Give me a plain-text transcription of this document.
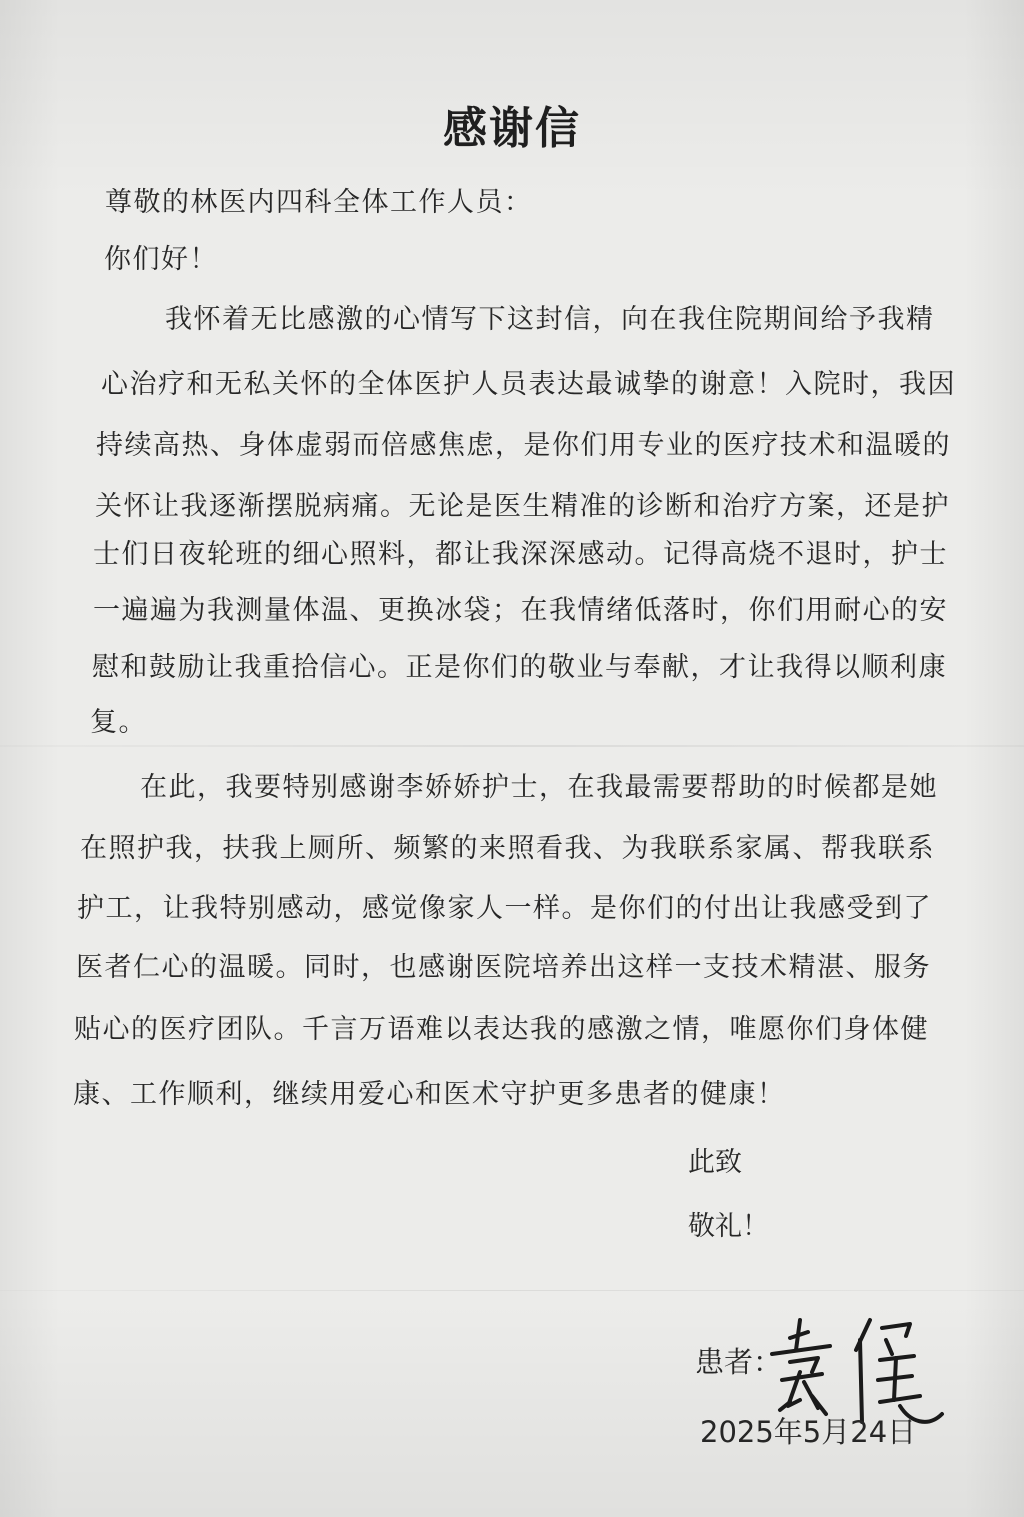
感谢信
尊敬的林医内四科全体工作人员：
你们好！
我怀着无比感激的心情写下这封信，向在我住院期间给予我精
心治疗和无私关怀的全体医护人员表达最诚挚的谢意！入院时，我因
持续高热、身体虚弱而倍感焦虑，是你们用专业的医疗技术和温暖的
关怀让我逐渐摆脱病痛。无论是医生精准的诊断和治疗方案，还是护
士们日夜轮班的细心照料，都让我深深感动。记得高烧不退时，护士
一遍遍为我测量体温、更换冰袋；在我情绪低落时，你们用耐心的安
慰和鼓励让我重拾信心。正是你们的敬业与奉献，才让我得以顺利康
复。
在此，我要特别感谢李娇娇护士，在我最需要帮助的时候都是她
在照护我，扶我上厕所、频繁的来照看我、为我联系家属、帮我联系
护工，让我特别感动，感觉像家人一样。是你们的付出让我感受到了
医者仁心的温暖。同时，也感谢医院培养出这样一支技术精湛、服务
贴心的医疗团队。千言万语难以表达我的感激之情，唯愿你们身体健
康、工作顺利，继续用爱心和医术守护更多患者的健康！
此致
敬礼！
患者：
2025年5月24日
